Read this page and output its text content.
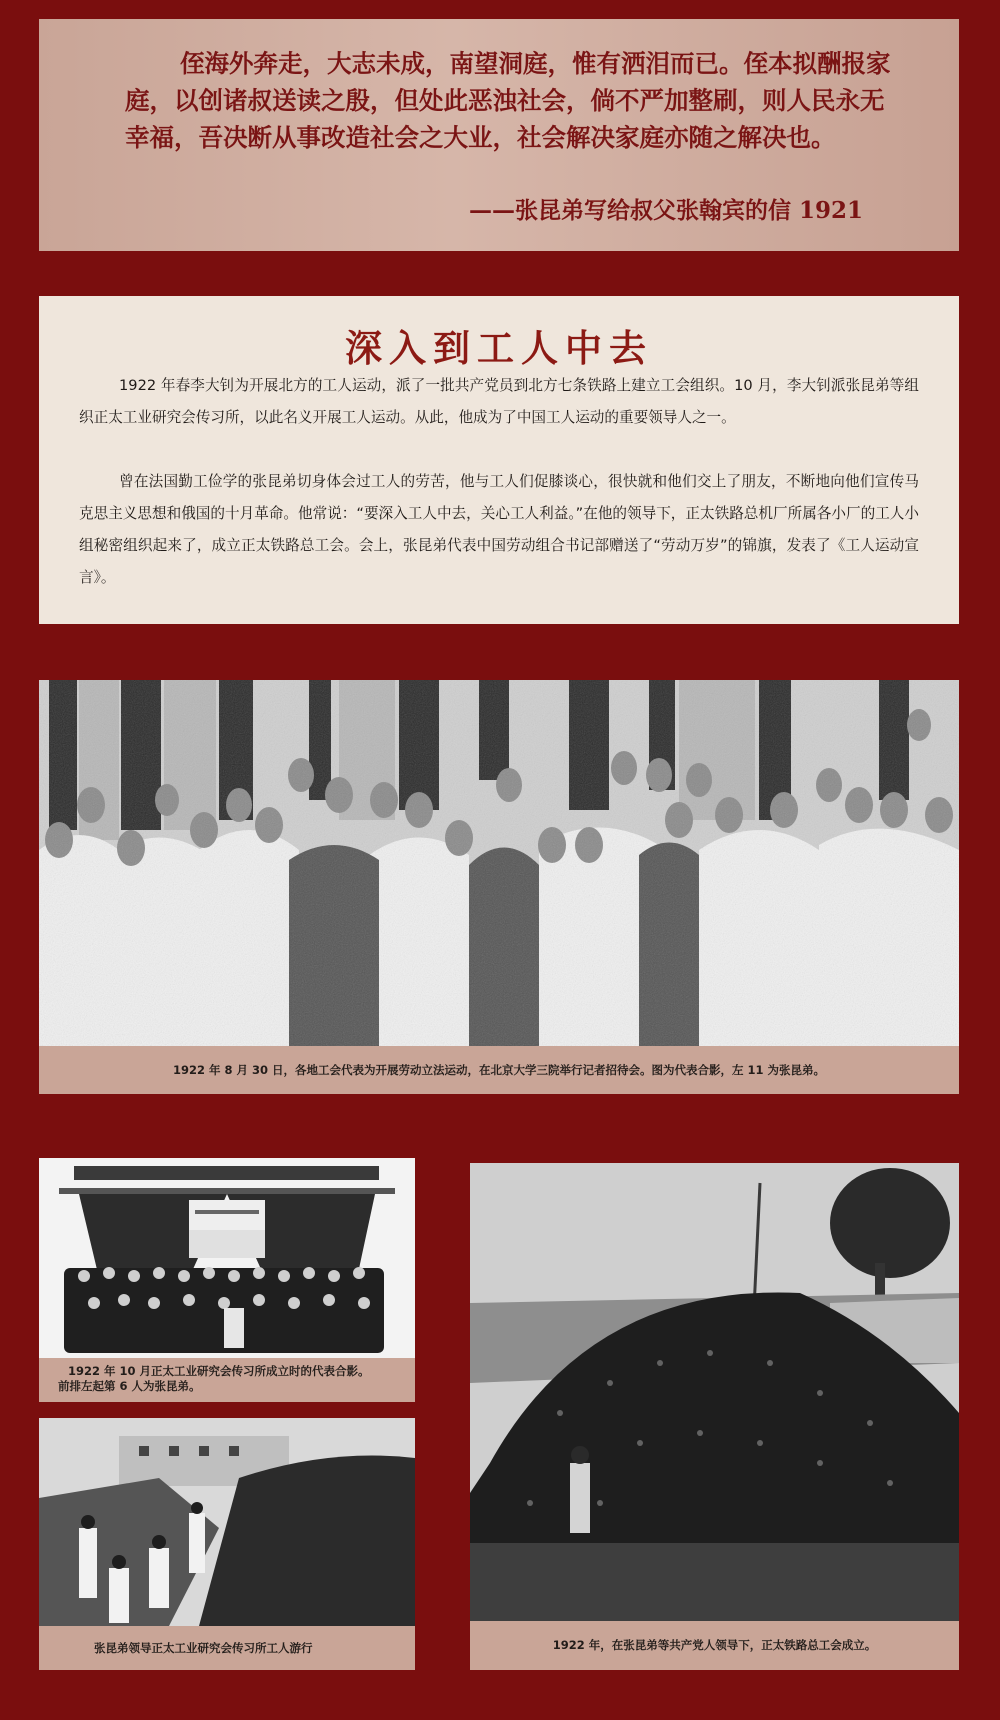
侄海外奔走，大志未成，南望洞庭，惟有洒泪而已。侄本拟酬报家庭，以创诸叔送读之殷，但处此恶浊社会，倘不严加整刷，则人民永无幸福，吾决断从事改造社会之大业，社会解决家庭亦随之解决也。

——张昆弟写给叔父张翰宾的信 1921
深入到工人中去

1922 年春李大钊为开展北方的工人运动，派了一批共产党员到北方七条铁路上建立工会组织。10 月，李大钊派张昆弟等组织正太工业研究会传习所，以此名义开展工人运动。从此，他成为了中国工人运动的重要领导人之一。

曾在法国勤工俭学的张昆弟切身体会过工人的劳苦，他与工人们促膝谈心，很快就和他们交上了朋友，不断地向他们宣传马克思主义思想和俄国的十月革命。他常说：“要深入工人中去，关心工人利益。”在他的领导下，正太铁路总机厂所属各小厂的工人小组秘密组织起来了，成立正太铁路总工会。会上，张昆弟代表中国劳动组合书记部赠送了“劳动万岁”的锦旗，发表了《工人运动宣言》。

1922 年 8 月 30 日，各地工会代表为开展劳动立法运动，在北京大学三院举行记者招待会。图为代表合影，左 11 为张昆弟。
1922 年 10 月正太工业研究会传习所成立时的代表合影。
前排左起第 6 人为张昆弟。
张昆弟领导正太工业研究会传习所工人游行	1922 年，在张昆弟等共产党人领导下，正太铁路总工会成立。
